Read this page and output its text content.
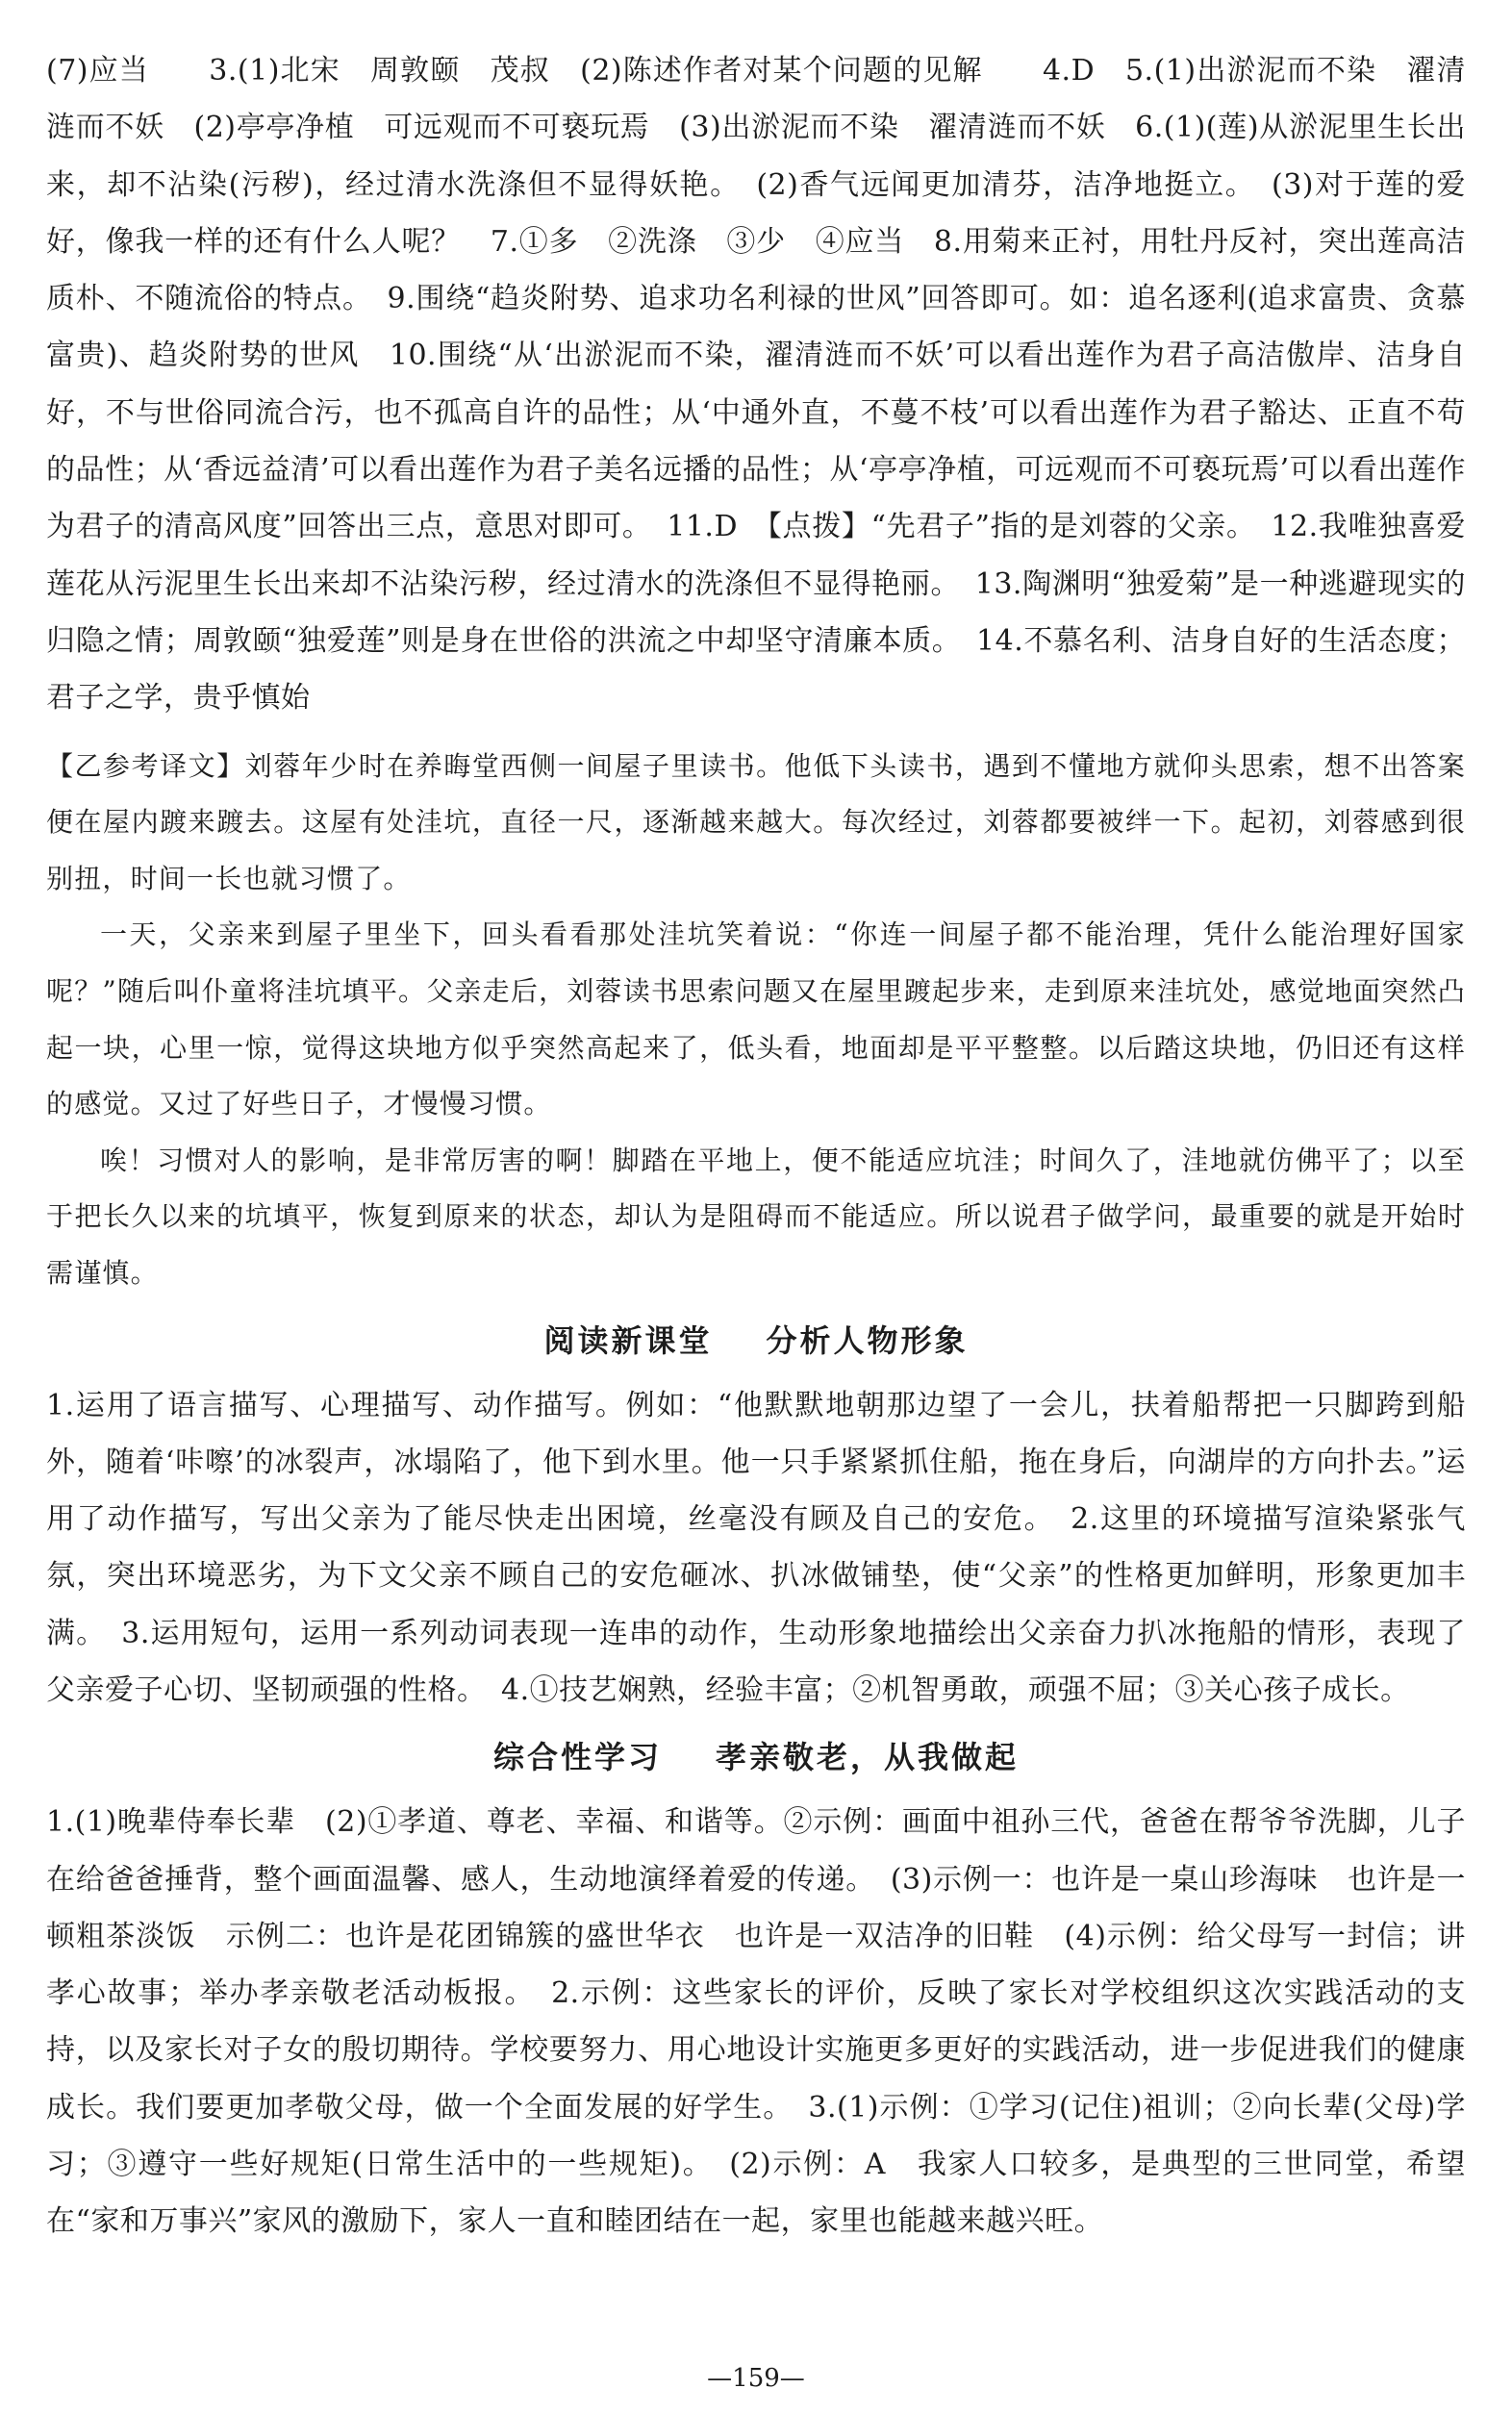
(7)应当　　3.(1)北宋　周敦颐　茂叔　(2)陈述作者对某个问题的见解　　4.D　5.(1)出淤泥而不染　濯清涟而不妖　(2)亭亭净植　可远观而不可亵玩焉　(3)出淤泥而不染　濯清涟而不妖　6.(1)(莲)从淤泥里生长出来，却不沾染(污秽)，经过清水洗涤但不显得妖艳。　(2)香气远闻更加清芬，洁净地挺立。　(3)对于莲的爱好，像我一样的还有什么人呢？　7.①多　②洗涤　③少　④应当　8.用菊来正衬，用牡丹反衬，突出莲高洁质朴、不随流俗的特点。　9.围绕“趋炎附势、追求功名利禄的世风”回答即可。如：追名逐利(追求富贵、贪慕富贵)、趋炎附势的世风　10.围绕“从‘出淤泥而不染，濯清涟而不妖’可以看出莲作为君子高洁傲岸、洁身自好，不与世俗同流合污，也不孤高自许的品性；从‘中通外直，不蔓不枝’可以看出莲作为君子豁达、正直不苟的品性；从‘香远益清’可以看出莲作为君子美名远播的品性；从‘亭亭净植，可远观而不可亵玩焉’可以看出莲作为君子的清高风度”回答出三点，意思对即可。　11.D　【点拨】“先君子”指的是刘蓉的父亲。　12.我唯独喜爱莲花从污泥里生长出来却不沾染污秽，经过清水的洗涤但不显得艳丽。　13.陶渊明“独爱菊”是一种逃避现实的归隐之情；周敦颐“独爱莲”则是身在世俗的洪流之中却坚守清廉本质。　14.不慕名利、洁身自好的生活态度；君子之学，贵乎慎始

【乙参考译文】刘蓉年少时在养晦堂西侧一间屋子里读书。他低下头读书，遇到不懂地方就仰头思索，想不出答案便在屋内踱来踱去。这屋有处洼坑，直径一尺，逐渐越来越大。每次经过，刘蓉都要被绊一下。起初，刘蓉感到很别扭，时间一长也就习惯了。

一天，父亲来到屋子里坐下，回头看看那处洼坑笑着说：“你连一间屋子都不能治理，凭什么能治理好国家呢？”随后叫仆童将洼坑填平。父亲走后，刘蓉读书思索问题又在屋里踱起步来，走到原来洼坑处，感觉地面突然凸起一块，心里一惊，觉得这块地方似乎突然高起来了，低头看，地面却是平平整整。以后踏这块地，仍旧还有这样的感觉。又过了好些日子，才慢慢习惯。

唉！习惯对人的影响，是非常厉害的啊！脚踏在平地上，便不能适应坑洼；时间久了，洼地就仿佛平了；以至于把长久以来的坑填平，恢复到原来的状态，却认为是阻碍而不能适应。所以说君子做学问，最重要的就是开始时需谨慎。

阅读新课堂 分析人物形象

1.运用了语言描写、心理描写、动作描写。例如：“他默默地朝那边望了一会儿，扶着船帮把一只脚跨到船外，随着‘咔嚓’的冰裂声，冰塌陷了，他下到水里。他一只手紧紧抓住船，拖在身后，向湖岸的方向扑去。”运用了动作描写，写出父亲为了能尽快走出困境，丝毫没有顾及自己的安危。　2.这里的环境描写渲染紧张气氛，突出环境恶劣，为下文父亲不顾自己的安危砸冰、扒冰做铺垫，使“父亲”的性格更加鲜明，形象更加丰满。　3.运用短句，运用一系列动词表现一连串的动作，生动形象地描绘出父亲奋力扒冰拖船的情形，表现了父亲爱子心切、坚韧顽强的性格。　4.①技艺娴熟，经验丰富；②机智勇敢，顽强不屈；③关心孩子成长。

综合性学习 孝亲敬老，从我做起

1.(1)晚辈侍奉长辈　(2)①孝道、尊老、幸福、和谐等。②示例：画面中祖孙三代，爸爸在帮爷爷洗脚，儿子在给爸爸捶背，整个画面温馨、感人，生动地演绎着爱的传递。　(3)示例一：也许是一桌山珍海味　也许是一顿粗茶淡饭　示例二：也许是花团锦簇的盛世华衣　也许是一双洁净的旧鞋　(4)示例：给父母写一封信；讲孝心故事；举办孝亲敬老活动板报。　2.示例：这些家长的评价，反映了家长对学校组织这次实践活动的支持，以及家长对子女的殷切期待。学校要努力、用心地设计实施更多更好的实践活动，进一步促进我们的健康成长。我们要更加孝敬父母，做一个全面发展的好学生。　3.(1)示例：①学习(记住)祖训；②向长辈(父母)学习；③遵守一些好规矩(日常生活中的一些规矩)。　(2)示例：A　我家人口较多，是典型的三世同堂，希望在“家和万事兴”家风的激励下，家人一直和睦团结在一起，家里也能越来越兴旺。

—159—
